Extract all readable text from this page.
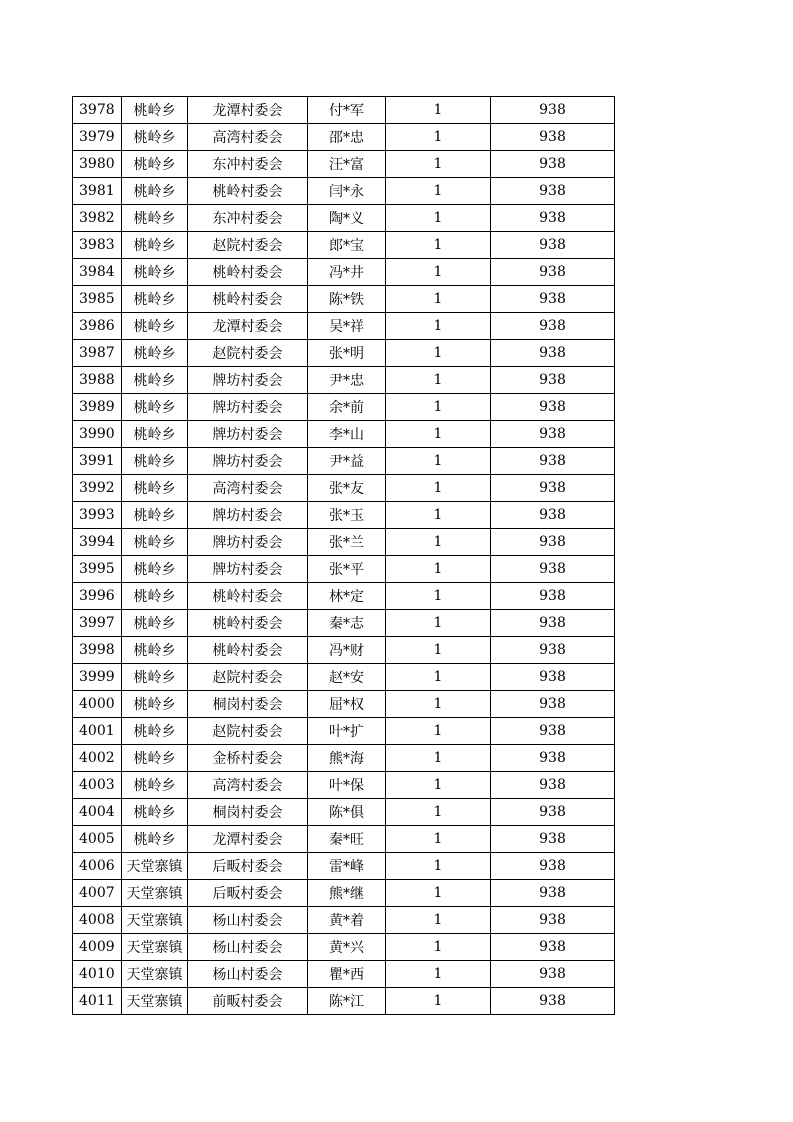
3978	桃岭乡	龙潭村委会	付*军	1	938
3979	桃岭乡	高湾村委会	邵*忠	1	938
3980	桃岭乡	东冲村委会	汪*富	1	938
3981	桃岭乡	桃岭村委会	闫*永	1	938
3982	桃岭乡	东冲村委会	陶*义	1	938
3983	桃岭乡	赵院村委会	郎*宝	1	938
3984	桃岭乡	桃岭村委会	冯*井	1	938
3985	桃岭乡	桃岭村委会	陈*铁	1	938
3986	桃岭乡	龙潭村委会	吴*祥	1	938
3987	桃岭乡	赵院村委会	张*明	1	938
3988	桃岭乡	牌坊村委会	尹*忠	1	938
3989	桃岭乡	牌坊村委会	余*前	1	938
3990	桃岭乡	牌坊村委会	李*山	1	938
3991	桃岭乡	牌坊村委会	尹*益	1	938
3992	桃岭乡	高湾村委会	张*友	1	938
3993	桃岭乡	牌坊村委会	张*玉	1	938
3994	桃岭乡	牌坊村委会	张*兰	1	938
3995	桃岭乡	牌坊村委会	张*平	1	938
3996	桃岭乡	桃岭村委会	林*定	1	938
3997	桃岭乡	桃岭村委会	秦*志	1	938
3998	桃岭乡	桃岭村委会	冯*财	1	938
3999	桃岭乡	赵院村委会	赵*安	1	938
4000	桃岭乡	桐岗村委会	屈*权	1	938
4001	桃岭乡	赵院村委会	叶*扩	1	938
4002	桃岭乡	金桥村委会	熊*海	1	938
4003	桃岭乡	高湾村委会	叶*保	1	938
4004	桃岭乡	桐岗村委会	陈*俱	1	938
4005	桃岭乡	龙潭村委会	秦*旺	1	938
4006	天堂寨镇	后畈村委会	雷*峰	1	938
4007	天堂寨镇	后畈村委会	熊*继	1	938
4008	天堂寨镇	杨山村委会	黄*着	1	938
4009	天堂寨镇	杨山村委会	黄*兴	1	938
4010	天堂寨镇	杨山村委会	瞿*西	1	938
4011	天堂寨镇	前畈村委会	陈*江	1	938
